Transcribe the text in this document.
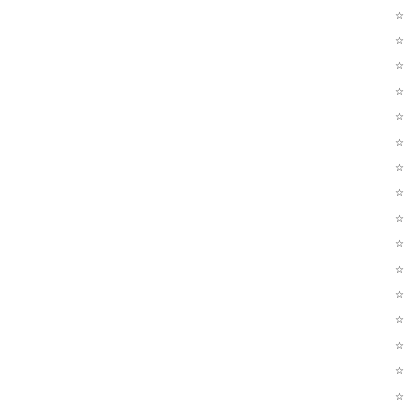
☆
☆
☆
☆
☆
☆
☆
☆
☆
☆
☆
☆
☆
☆
☆
☆
